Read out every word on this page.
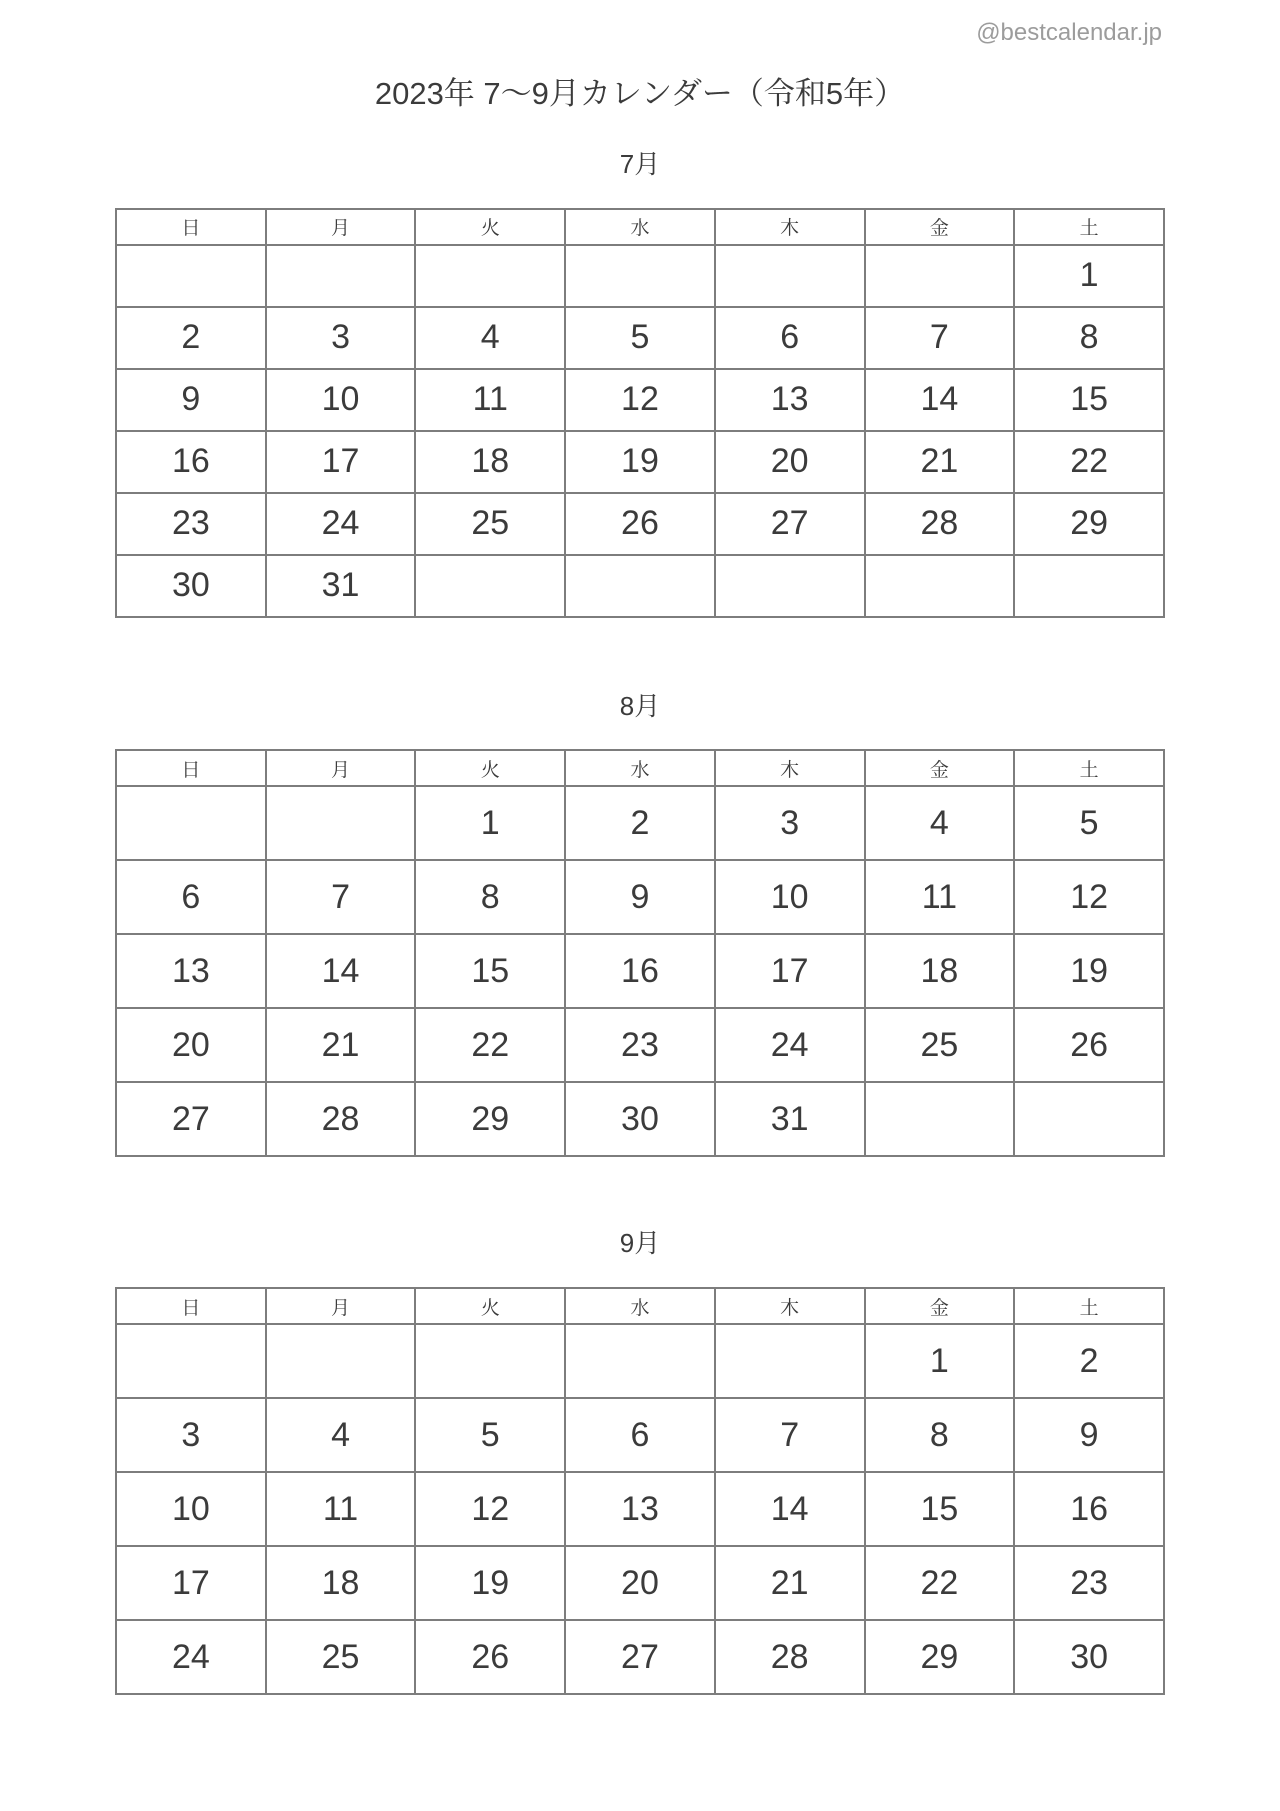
@bestcalendar.jp
2023年 7〜9月カレンダー（令和5年）
7月
日	月	火	水	木	金	土
						1
2	3	4	5	6	7	8
9	10	11	12	13	14	15
16	17	18	19	20	21	22
23	24	25	26	27	28	29
30	31					
8月
日	月	火	水	木	金	土
		1	2	3	4	5
6	7	8	9	10	11	12
13	14	15	16	17	18	19
20	21	22	23	24	25	26
27	28	29	30	31		
9月
日	月	火	水	木	金	土
					1	2
3	4	5	6	7	8	9
10	11	12	13	14	15	16
17	18	19	20	21	22	23
24	25	26	27	28	29	30
